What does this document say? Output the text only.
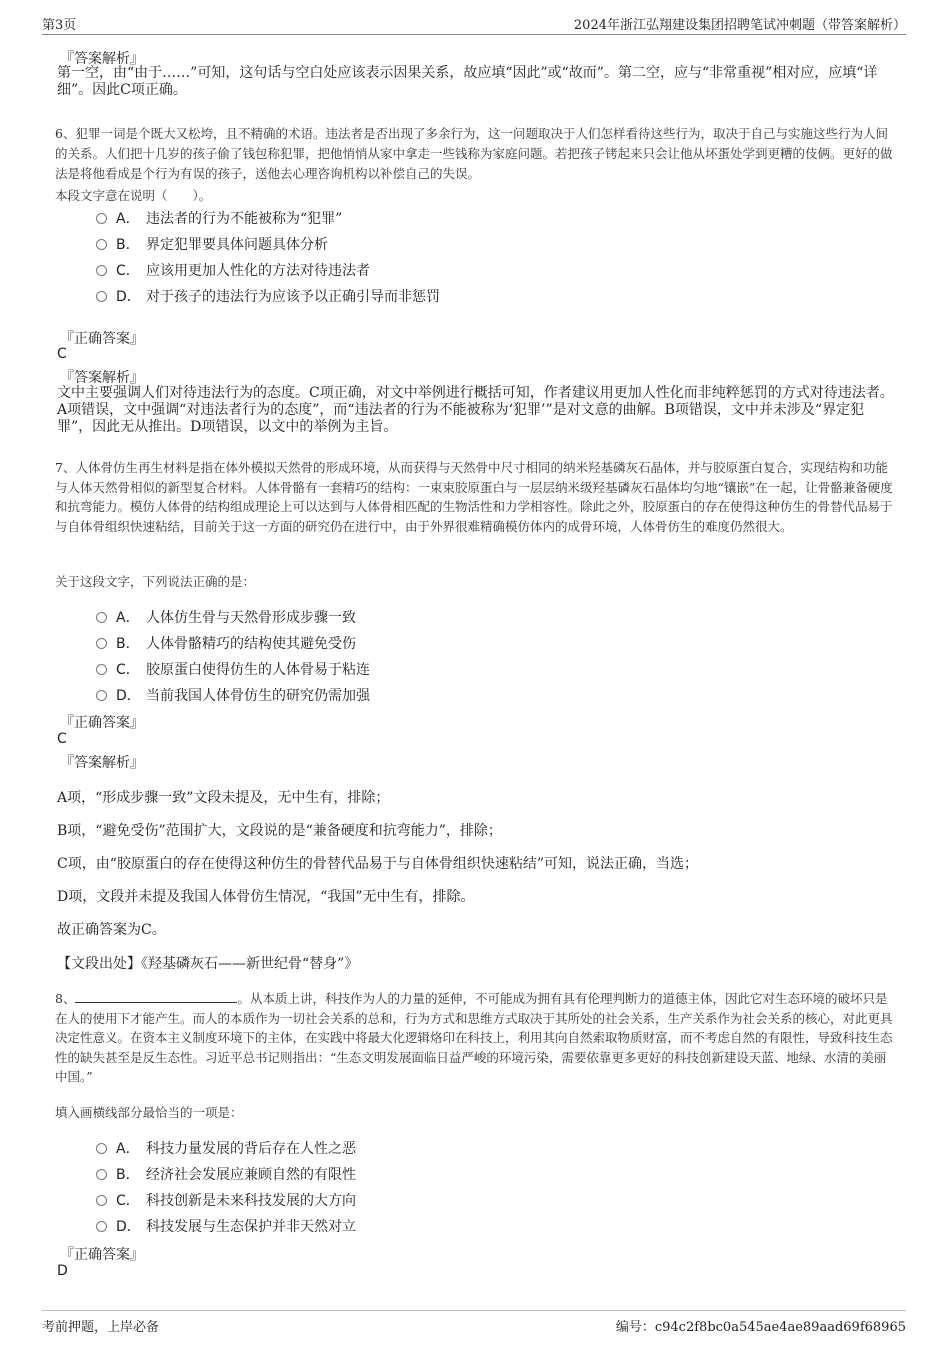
第3页	2024年浙江弘翔建设集团招聘笔试冲刺题（带答案解析）
『答案解析』
第一空，由“由于……”可知，这句话与空白处应该表示因果关系，故应填“因此”或“故而”。第二空，应与“非常重视”相对应，应填“详细”。因此C项正确。
6、犯罪一词是个既大又松垮，且不精确的术语。违法者是否出现了多余行为，这一问题取决于人们怎样看待这些行为，取决于自己与实施这些行为人间的关系。人们把十几岁的孩子偷了钱包称犯罪，把他悄悄从家中拿走一些钱称为家庭问题。若把孩子铐起来只会让他从坏蛋处学到更糟的伎俩。更好的做法是将他看成是个行为有误的孩子，送他去心理咨询机构以补偿自己的失误。
本段文字意在说明（　　）。
A． 违法者的行为不能被称为“犯罪”
B． 界定犯罪要具体问题具体分析
C． 应该用更加人性化的方法对待违法者
D． 对于孩子的违法行为应该予以正确引导而非惩罚
『正确答案』
C
『答案解析』
文中主要强调人们对待违法行为的态度。C项正确，对文中举例进行概括可知，作者建议用更加人性化而非纯粹惩罚的方式对待违法者。A项错误，文中强调“对违法者行为的态度”，而“违法者的行为不能被称为‘犯罪’”是对文意的曲解。B项错误，文中并未涉及“界定犯罪”，因此无从推出。D项错误，以文中的举例为主旨。
7、人体骨仿生再生材料是指在体外模拟天然骨的形成环境，从而获得与天然骨中尺寸相同的纳米羟基磷灰石晶体，并与胶原蛋白复合，实现结构和功能与人体天然骨相似的新型复合材料。人体骨骼有一套精巧的结构：一束束胶原蛋白与一层层纳米级羟基磷灰石晶体均匀地“镶嵌”在一起，让骨骼兼备硬度和抗弯能力。模仿人体骨的结构组成理论上可以达到与人体骨相匹配的生物活性和力学相容性。除此之外，胶原蛋白的存在使得这种仿生的骨替代品易于与自体骨组织快速粘结，目前关于这一方面的研究仍在进行中，由于外界很难精确模仿体内的成骨环境，人体骨仿生的难度仍然很大。
关于这段文字，下列说法正确的是：
A． 人体仿生骨与天然骨形成步骤一致
B． 人体骨骼精巧的结构使其避免受伤
C． 胶原蛋白使得仿生的人体骨易于粘连
D． 当前我国人体骨仿生的研究仍需加强
『正确答案』
C
『答案解析』
A项，“形成步骤一致”文段未提及，无中生有，排除；
B项，“避免受伤”范围扩大，文段说的是“兼备硬度和抗弯能力”，排除；
C项，由“胶原蛋白的存在使得这种仿生的骨替代品易于与自体骨组织快速粘结”可知，说法正确，当选；
D项，文段并未提及我国人体骨仿生情况，“我国”无中生有，排除。
故正确答案为C。
【文段出处】《羟基磷灰石——新世纪骨“替身”》
8、	。从本质上讲，科技作为人的力量的延伸，不可能成为拥有具有伦理判断力的道德主体，因此它对生态环境的破坏只是在人的使用下才能产生。而人的本质作为一切社会关系的总和，行为方式和思维方式取决于其所处的社会关系，生产关系作为社会关系的核心，对此更具决定性意义。在资本主义制度环境下的主体，在实践中将最大化逻辑烙印在科技上，利用其向自然索取物质财富，而不考虑自然的有限性，导致科技生态性的缺失甚至是反生态性。习近平总书记则指出：“生态文明发展面临日益严峻的环境污染，需要依靠更多更好的科技创新建设天蓝、地绿、水清的美丽中国。”
填入画横线部分最恰当的一项是：
A． 科技力量发展的背后存在人性之恶
B． 经济社会发展应兼顾自然的有限性
C． 科技创新是未来科技发展的大方向
D． 科技发展与生态保护并非天然对立
『正确答案』
D
考前押题，上岸必备	编号：c94c2f8bc0a545ae4ae89aad69f68965
